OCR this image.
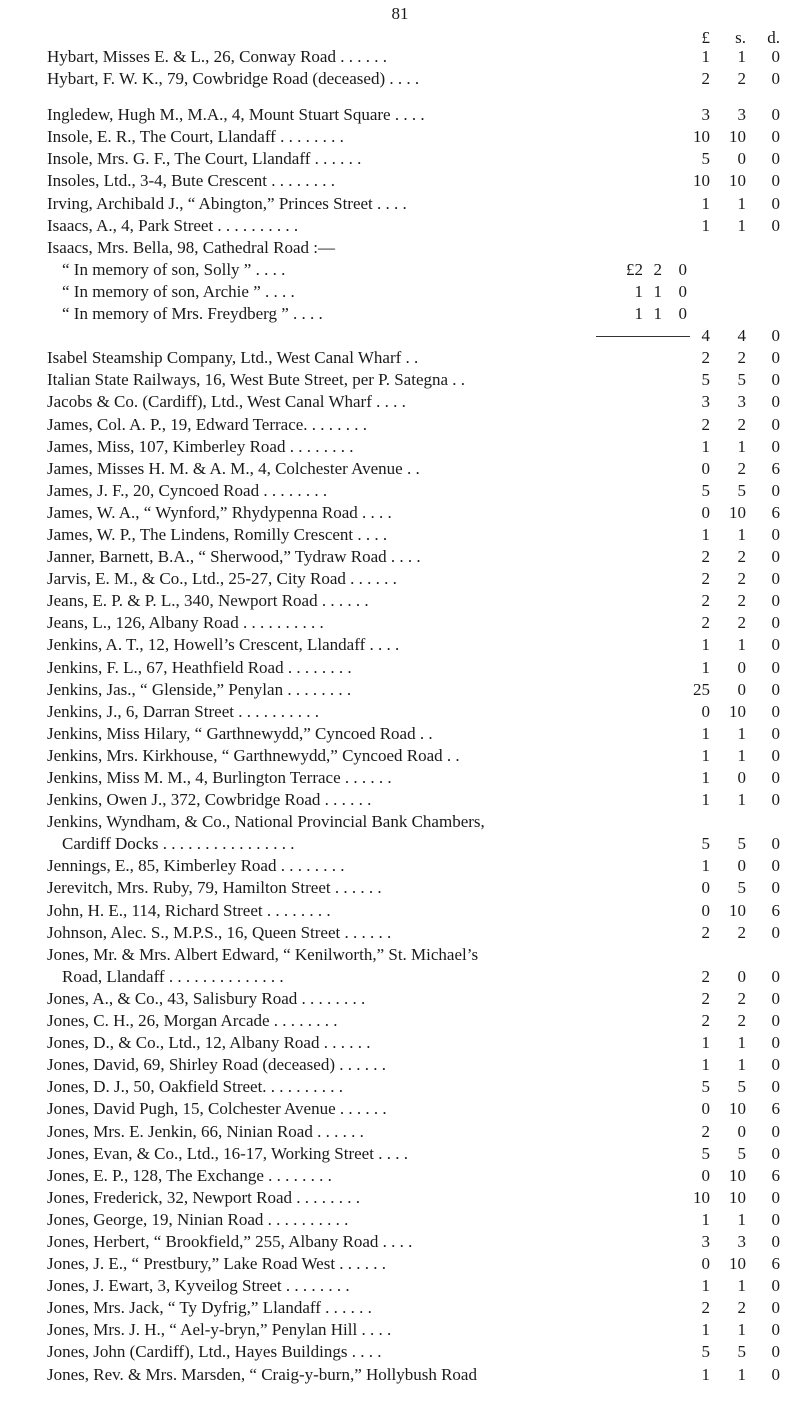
81
£	s.	d.
Hybart, Misses E. & L., 26, Conway Road . . . . . .	1	1	0
Hybart, F. W. K., 79, Cowbridge Road (deceased) . . . .	2	2	0
Ingledew, Hugh M., M.A., 4, Mount Stuart Square . . . .	3	3	0
Insole, E. R., The Court, Llandaff . . . . . . . .	10	10	0
Insole, Mrs. G. F., The Court, Llandaff . . . . . .	5	0	0
Insoles, Ltd., 3-4, Bute Crescent . . . . . . . .	10	10	0
Irving, Archibald J., “ Abington,” Princes Street . . . .	1	1	0
Isaacs, A., 4, Park Street . . . . . . . . . .	1	1	0
Isaacs, Mrs. Bella, 98, Cathedral Road :—
“ In memory of son, Solly ” . . . .	£2 2 0
“ In memory of son, Archie ” . . . .	1 1 0
“ In memory of Mrs. Freydberg ” . . . .	1 1 0
4	4	0
Isabel Steamship Company, Ltd., West Canal Wharf . .	2	2	0
Italian State Railways, 16, West Bute Street, per P. Sategna . .	5	5	0
Jacobs & Co. (Cardiff), Ltd., West Canal Wharf . . . .	3	3	0
James, Col. A. P., 19, Edward Terrace. . . . . . . .	2	2	0
James, Miss, 107, Kimberley Road . . . . . . . .	1	1	0
James, Misses H. M. & A. M., 4, Colchester Avenue . .	0	2	6
James, J. F., 20, Cyncoed Road . . . . . . . .	5	5	0
James, W. A., “ Wynford,” Rhydypenna Road . . . .	0	10	6
James, W. P., The Lindens, Romilly Crescent . . . .	1	1	0
Janner, Barnett, B.A., “ Sherwood,” Tydraw Road . . . .	2	2	0
Jarvis, E. M., & Co., Ltd., 25-27, City Road . . . . . .	2	2	0
Jeans, E. P. & P. L., 340, Newport Road . . . . . .	2	2	0
Jeans, L., 126, Albany Road . . . . . . . . . .	2	2	0
Jenkins, A. T., 12, Howell’s Crescent, Llandaff . . . .	1	1	0
Jenkins, F. L., 67, Heathfield Road . . . . . . . .	1	0	0
Jenkins, Jas., “ Glenside,” Penylan . . . . . . . .	25	0	0
Jenkins, J., 6, Darran Street . . . . . . . . . .	0	10	0
Jenkins, Miss Hilary, “ Garthnewydd,” Cyncoed Road . .	1	1	0
Jenkins, Mrs. Kirkhouse, “ Garthnewydd,” Cyncoed Road . .	1	1	0
Jenkins, Miss M. M., 4, Burlington Terrace . . . . . .	1	0	0
Jenkins, Owen J., 372, Cowbridge Road . . . . . .	1	1	0
Jenkins, Wyndham, & Co., National Provincial Bank Chambers,
Cardiff Docks . . . . . . . . . . . . . . . .	5	5	0
Jennings, E., 85, Kimberley Road . . . . . . . .	1	0	0
Jerevitch, Mrs. Ruby, 79, Hamilton Street . . . . . .	0	5	0
John, H. E., 114, Richard Street . . . . . . . .	0	10	6
Johnson, Alec. S., M.P.S., 16, Queen Street . . . . . .	2	2	0
Jones, Mr. & Mrs. Albert Edward, “ Kenilworth,” St. Michael’s
Road, Llandaff . . . . . . . . . . . . . .	2	0	0
Jones, A., & Co., 43, Salisbury Road . . . . . . . .	2	2	0
Jones, C. H., 26, Morgan Arcade . . . . . . . .	2	2	0
Jones, D., & Co., Ltd., 12, Albany Road . . . . . .	1	1	0
Jones, David, 69, Shirley Road (deceased) . . . . . .	1	1	0
Jones, D. J., 50, Oakfield Street. . . . . . . . . .	5	5	0
Jones, David Pugh, 15, Colchester Avenue . . . . . .	0	10	6
Jones, Mrs. E. Jenkin, 66, Ninian Road . . . . . .	2	0	0
Jones, Evan, & Co., Ltd., 16-17, Working Street . . . .	5	5	0
Jones, E. P., 128, The Exchange . . . . . . . .	0	10	6
Jones, Frederick, 32, Newport Road . . . . . . . .	10	10	0
Jones, George, 19, Ninian Road . . . . . . . . . .	1	1	0
Jones, Herbert, “ Brookfield,” 255, Albany Road . . . .	3	3	0
Jones, J. E., “ Prestbury,” Lake Road West . . . . . .	0	10	6
Jones, J. Ewart, 3, Kyveilog Street . . . . . . . .	1	1	0
Jones, Mrs. Jack, “ Ty Dyfrig,” Llandaff . . . . . .	2	2	0
Jones, Mrs. J. H., “ Ael-y-bryn,” Penylan Hill . . . .	1	1	0
Jones, John (Cardiff), Ltd., Hayes Buildings . . . .	5	5	0
Jones, Rev. & Mrs. Marsden, “ Craig-y-burn,” Hollybush Road	1	1	0
